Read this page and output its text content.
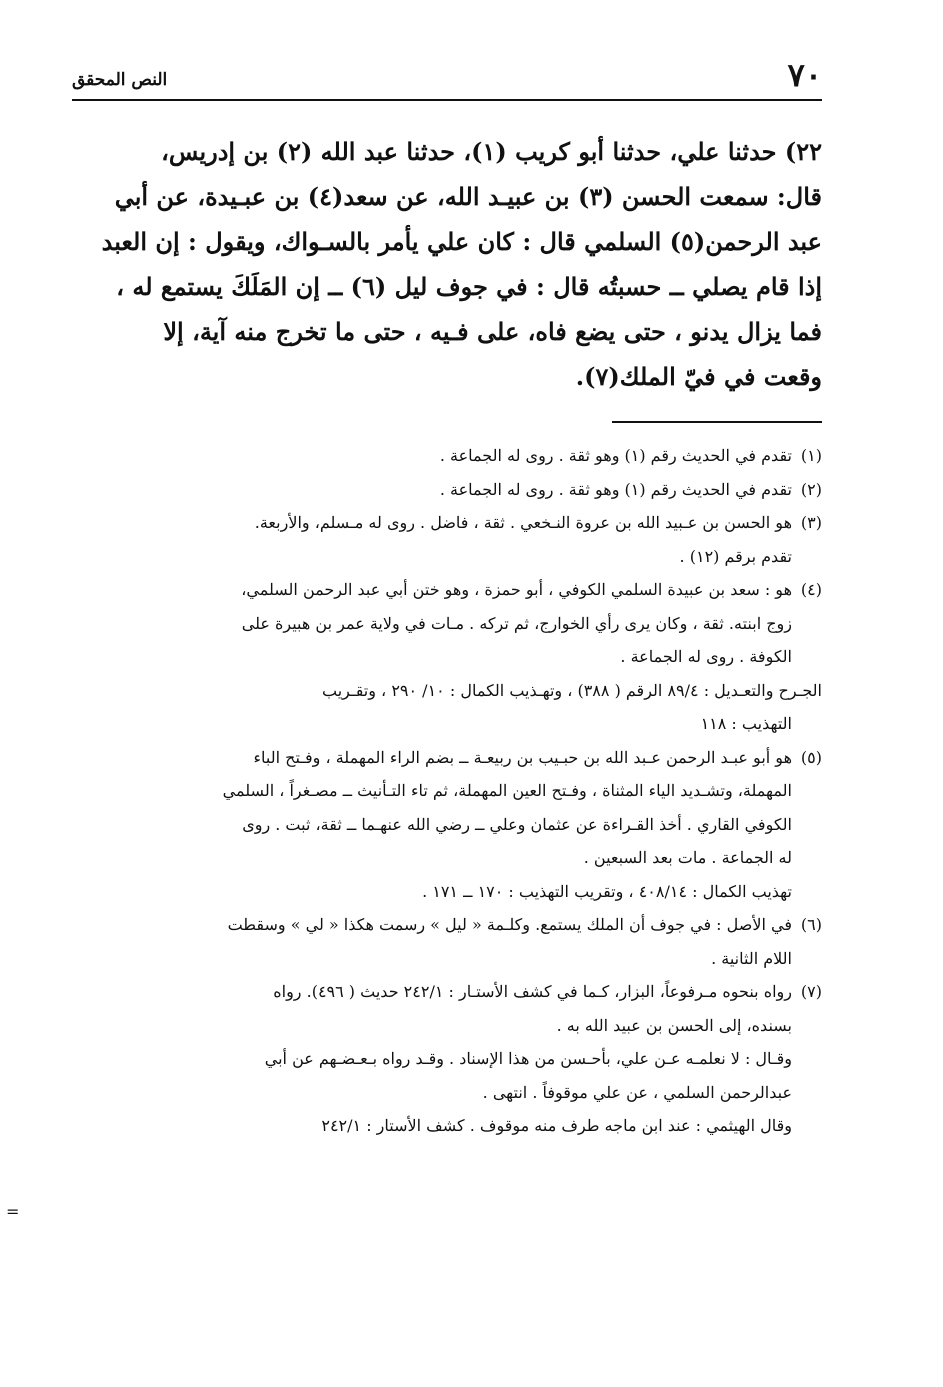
٧٠
النص المحقق
٢٢) حدثنا علي، حدثنا أبو كريب (١)، حدثنا عبد الله (٢) بن إدريس،
قال: سمعت الحسن (٣) بن عبيـد الله، عن سعد(٤) بن عبـيدة، عن أبي
عبد الرحمن(٥) السلمي قال : كان علي يأمر بالسـواك، ويقول : إن العبد
إذا قام يصلي ــ حسبتُه قال : في جوف ليل (٦) ــ إن المَلَكَ يستمع له ،
فما يزال يدنو ، حتى يضع فاه، على فـيه ، حتى ما تخرج منه آية، إلا
وقعت في فيّ الملك(٧).
(١)تقدم في الحديث رقم (١) وهو ثقة . روى له الجماعة .
(٢)تقدم في الحديث رقم (١) وهو ثقة . روى له الجماعة .
(٣)هو الحسن بن عـبيد الله بن عروة النـخعي . ثقة ، فاضل . روى له مـسلم، والأربعة.
تقدم برقم (١٢) .
(٤)هو : سعد بن عبيدة السلمي الكوفي ، أبو حمزة ، وهو ختن أبي عبد الرحمن السلمي،
زوج ابنته. ثقة ، وكان يرى رأي الخوارج، ثم تركه . مـات في ولاية عمر بن هبيرة على
الكوفة . روى له الجماعة .
الجـرح والتعـديل : ٨٩/٤ الرقم ( ٣٨٨) ، وتهـذيب الكمال : ١٠/ ٢٩٠ ، وتقـريب
التهذيب : ١١٨
(٥)هو أبو عبـد الرحمن عـبد الله بن حبـيب بن ربيعـة ــ بضم الراء المهملة ، وفـتح الباء
المهملة، وتشـديد الياء المثناة ، وفـتح العين المهملة، ثم تاء التـأنيث ــ مصـغراً ، السلمي
الكوفي القاري . أخذ القـراءة عن عثمان وعلي ــ رضي الله عنهـما ــ ثقة، ثبت . روى
له الجماعة . مات بعد السبعين .
تهذيب الكمال : ٤٠٨/١٤ ، وتقريب التهذيب : ١٧٠ ــ ١٧١ .
(٦)في الأصل : في جوف أن الملك يستمع. وكلـمة « ليل » رسمت هكذا « لي » وسقطت
اللام الثانية .
(٧)رواه بنحوه مـرفوعاً، البزار، كـما في كشف الأستـار : ٢٤٢/١ حديث ( ٤٩٦). رواه
بسنده، إلى الحسن بن عبيد الله به .
وقـال : لا نعلمـه عـن علي، بأحـسن من هذا الإسناد . وقـد رواه بـعـضـهم عن أبي
عبدالرحمن السلمي ، عن علي موقوفاً . انتهى .
وقال الهيثمي : عند ابن ماجه طرف منه موقوف . كشف الأستار : ٢٤٢/١
=
